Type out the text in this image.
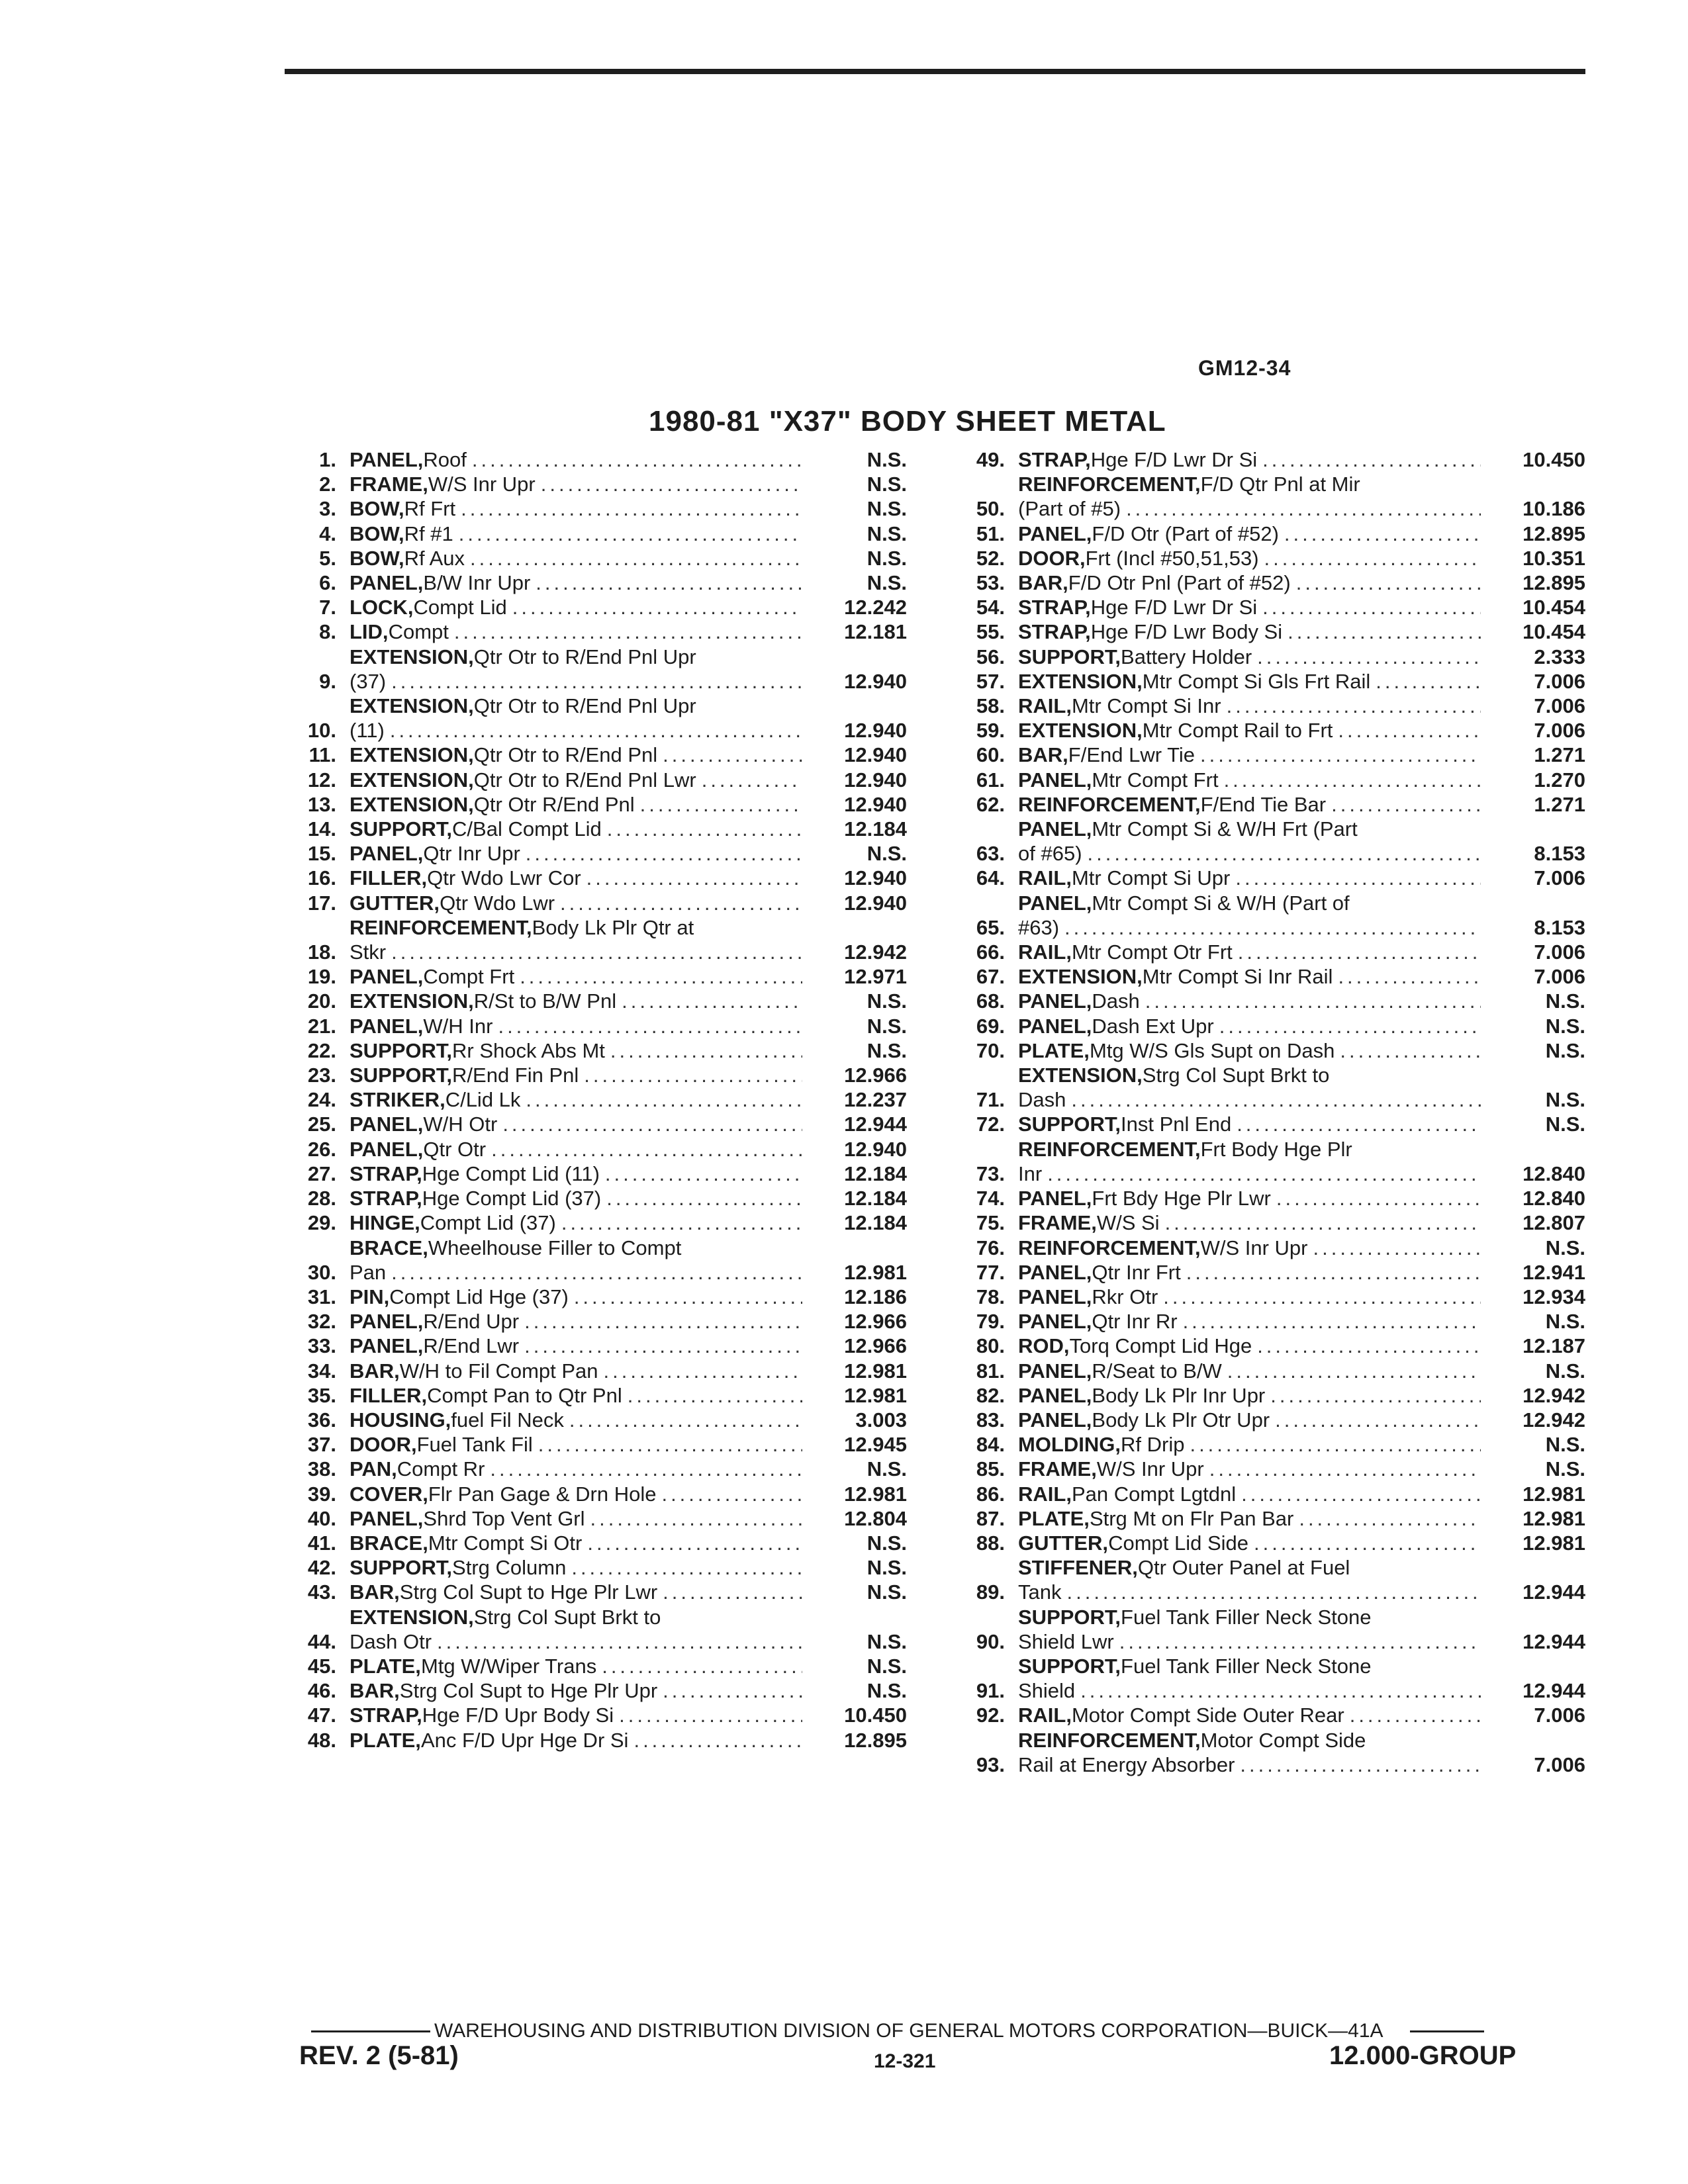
GM12-34
1980-81 "X37" BODY SHEET METAL
1. PANEL, Roof .....	N.S.
2. FRAME, W/S Inr Upr .....	N.S.
3. BOW, Rf Frt .....	N.S.
4. BOW, Rf #1 .....	N.S.
5. BOW, Rf Aux .....	N.S.
6. PANEL, B/W Inr Upr .....	N.S.
7. LOCK, Compt Lid .....	12.242
8. LID, Compt .....	12.181
9.
EXTENSION, Qtr Otr to R/End Pnl Upr
(37) .....	12.940
10.
EXTENSION, Qtr Otr to R/End Pnl Upr
(11) .....	12.940
11. EXTENSION, Qtr Otr to R/End Pnl .....	12.940
12. EXTENSION, Qtr Otr to R/End Pnl Lwr .....	12.940
13. EXTENSION, Qtr Otr R/End Pnl .....	12.940
14. SUPPORT, C/Bal Compt Lid .....	12.184
15. PANEL, Qtr Inr Upr .....	N.S.
16. FILLER, Qtr Wdo Lwr Cor .....	12.940
17. GUTTER, Qtr Wdo Lwr .....	12.940
18.
REINFORCEMENT, Body Lk Plr Qtr at
Stkr .....	12.942
19. PANEL, Compt Frt .....	12.971
20. EXTENSION, R/St to B/W Pnl .....	N.S.
21. PANEL, W/H Inr .....	N.S.
22. SUPPORT, Rr Shock Abs Mt .....	N.S.
23. SUPPORT, R/End Fin Pnl .....	12.966
24. STRIKER, C/Lid Lk .....	12.237
25. PANEL, W/H Otr .....	12.944
26. PANEL, Qtr Otr .....	12.940
27. STRAP, Hge Compt Lid (11) .....	12.184
28. STRAP, Hge Compt Lid (37) .....	12.184
29. HINGE, Compt Lid (37) .....	12.184
30.
BRACE, Wheelhouse Filler to Compt
Pan .....	12.981
31. PIN, Compt Lid Hge (37) .....	12.186
32. PANEL, R/End Upr .....	12.966
33. PANEL, R/End Lwr .....	12.966
34. BAR, W/H to Fil Compt Pan .....	12.981
35. FILLER, Compt Pan to Qtr Pnl .....	12.981
36. HOUSING, fuel Fil Neck .....	3.003
37. DOOR, Fuel Tank Fil .....	12.945
38. PAN, Compt Rr .....	N.S.
39. COVER, Flr Pan Gage & Drn Hole .....	12.981
40. PANEL, Shrd Top Vent Grl .....	12.804
41. BRACE, Mtr Compt Si Otr .....	N.S.
42. SUPPORT, Strg Column .....	N.S.
43. BAR, Strg Col Supt to Hge Plr Lwr .....	N.S.
44.
EXTENSION, Strg Col Supt Brkt to
Dash Otr .....	N.S.
45. PLATE, Mtg W/Wiper Trans .....	N.S.
46. BAR, Strg Col Supt to Hge Plr Upr .....	N.S.
47. STRAP, Hge F/D Upr Body Si .....	10.450
48. PLATE, Anc F/D Upr Hge Dr Si .....	12.895
49. STRAP, Hge F/D Lwr Dr Si .....	10.450
50.
REINFORCEMENT, F/D Qtr Pnl at Mir
(Part of #5) .....	10.186
51. PANEL, F/D Otr (Part of #52) .....	12.895
52. DOOR, Frt (Incl #50,51,53) .....	10.351
53. BAR, F/D Otr Pnl (Part of #52) .....	12.895
54. STRAP, Hge F/D Lwr Dr Si .....	10.454
55. STRAP, Hge F/D Lwr Body Si .....	10.454
56. SUPPORT, Battery Holder .....	2.333
57. EXTENSION, Mtr Compt Si Gls Frt Rail .....	7.006
58. RAIL, Mtr Compt Si Inr .....	7.006
59. EXTENSION, Mtr Compt Rail to Frt .....	7.006
60. BAR, F/End Lwr Tie .....	1.271
61. PANEL, Mtr Compt Frt .....	1.270
62. REINFORCEMENT, F/End Tie Bar .....	1.271
63.
PANEL, Mtr Compt Si & W/H Frt (Part
of #65) .....	8.153
64. RAIL, Mtr Compt Si Upr .....	7.006
65.
PANEL, Mtr Compt Si & W/H (Part of
#63) .....	8.153
66. RAIL, Mtr Compt Otr Frt .....	7.006
67. EXTENSION, Mtr Compt Si Inr Rail .....	7.006
68. PANEL, Dash .....	N.S.
69. PANEL, Dash Ext Upr .....	N.S.
70. PLATE, Mtg W/S Gls Supt on Dash .....	N.S.
71.
EXTENSION, Strg Col Supt Brkt to
Dash .....	N.S.
72. SUPPORT, Inst Pnl End .....	N.S.
73.
REINFORCEMENT, Frt Body Hge Plr
Inr .....	12.840
74. PANEL, Frt Bdy Hge Plr Lwr .....	12.840
75. FRAME, W/S Si .....	12.807
76. REINFORCEMENT, W/S Inr Upr .....	N.S.
77. PANEL, Qtr Inr Frt .....	12.941
78. PANEL, Rkr Otr .....	12.934
79. PANEL, Qtr Inr Rr .....	N.S.
80. ROD, Torq Compt Lid Hge .....	12.187
81. PANEL, R/Seat to B/W .....	N.S.
82. PANEL, Body Lk Plr Inr Upr .....	12.942
83. PANEL, Body Lk Plr Otr Upr .....	12.942
84. MOLDING, Rf Drip .....	N.S.
85. FRAME, W/S Inr Upr .....	N.S.
86. RAIL, Pan Compt Lgtdnl .....	12.981
87. PLATE, Strg Mt on Flr Pan Bar .....	12.981
88. GUTTER, Compt Lid Side .....	12.981
89.
STIFFENER, Qtr Outer Panel at Fuel
Tank .....	12.944
90.
SUPPORT, Fuel Tank Filler Neck Stone
Shield Lwr .....	12.944
91.
SUPPORT, Fuel Tank Filler Neck Stone
Shield .....	12.944
92. RAIL, Motor Compt Side Outer Rear .....	7.006
93.
REINFORCEMENT, Motor Compt Side
Rail at Energy Absorber .....	7.006
WAREHOUSING AND DISTRIBUTION DIVISION OF GENERAL MOTORS CORPORATION—BUICK—41A
REV. 2 (5-81)	12-321	12.000-GROUP
